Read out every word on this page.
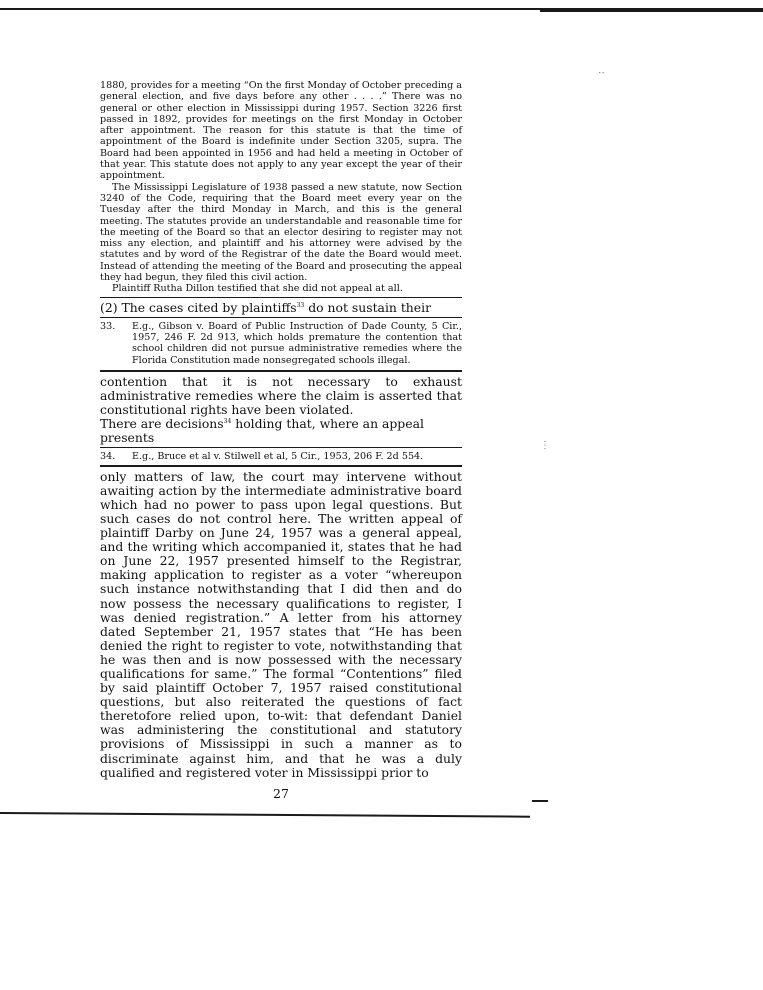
⋅⋅
⋮

1880, provides for a meeting “On the first Monday of October preceding a general election, and five days before any other . . . .” There was no general or other election in Mississippi during 1957. Section 3226 first passed in 1892, provides for meetings on the first Monday in October after appointment. The reason for this statute is that the time of appointment of the Board is indefinite under Section 3205, supra. The Board had been appointed in 1956 and had held a meeting in October of that year. This statute does not apply to any year except the year of their appointment.

The Mississippi Legislature of 1938 passed a new statute, now Section 3240 of the Code, requiring that the Board meet every year on the Tuesday after the third Monday in March, and this is the general meeting. The statutes provide an understandable and reasonable time for the meeting of the Board so that an elector desiring to register may not miss any election, and plaintiff and his attorney were advised by the statutes and by word of the Registrar of the date the Board would meet. Instead of attending the meeting of the Board and prosecuting the appeal they had begun, they filed this civil action.

Plaintiff Rutha Dillon testified that she did not appeal at all.

(2) The cases cited by plaintiffs$^{33}$ do not sustain their

33.	E.g., Gibson v. Board of Public Instruction of Dade County, 5 Cir., 1957, 246 F. 2d 913, which holds premature the contention that school children did not pursue administrative remedies where the Florida Constitution made nonsegregated schools illegal.

contention that it is not necessary to exhaust administrative remedies where the claim is asserted that constitutional rights have been violated.

There are decisions$^{34}$ holding that, where an appeal presents

34.	E.g., Bruce et al v. Stilwell et al, 5 Cir., 1953, 206 F. 2d 554.

only matters of law, the court may intervene without awaiting action by the intermediate administrative board which had no power to pass upon legal questions. But such cases do not control here. The written appeal of plaintiff Darby on June 24, 1957 was a general appeal, and the writing which accompanied it, states that he had on June 22, 1957 presented himself to the Registrar, making application to register as a voter “whereupon such instance notwithstanding that I did then and do now possess the necessary qualifications to register, I was denied registration.” A letter from his attorney dated September 21, 1957 states that “He has been denied the right to register to vote, notwithstanding that he was then and is now possessed with the necessary qualifications for same.” The formal “Contentions” filed by said plaintiff October 7, 1957 raised constitutional questions, but also reiterated the questions of fact theretofore relied upon, to-wit: that defendant Daniel was administering the constitutional and statutory provisions of Mississippi in such a manner as to discriminate against him, and that he was a duly qualified and registered voter in Mississippi prior to

27
